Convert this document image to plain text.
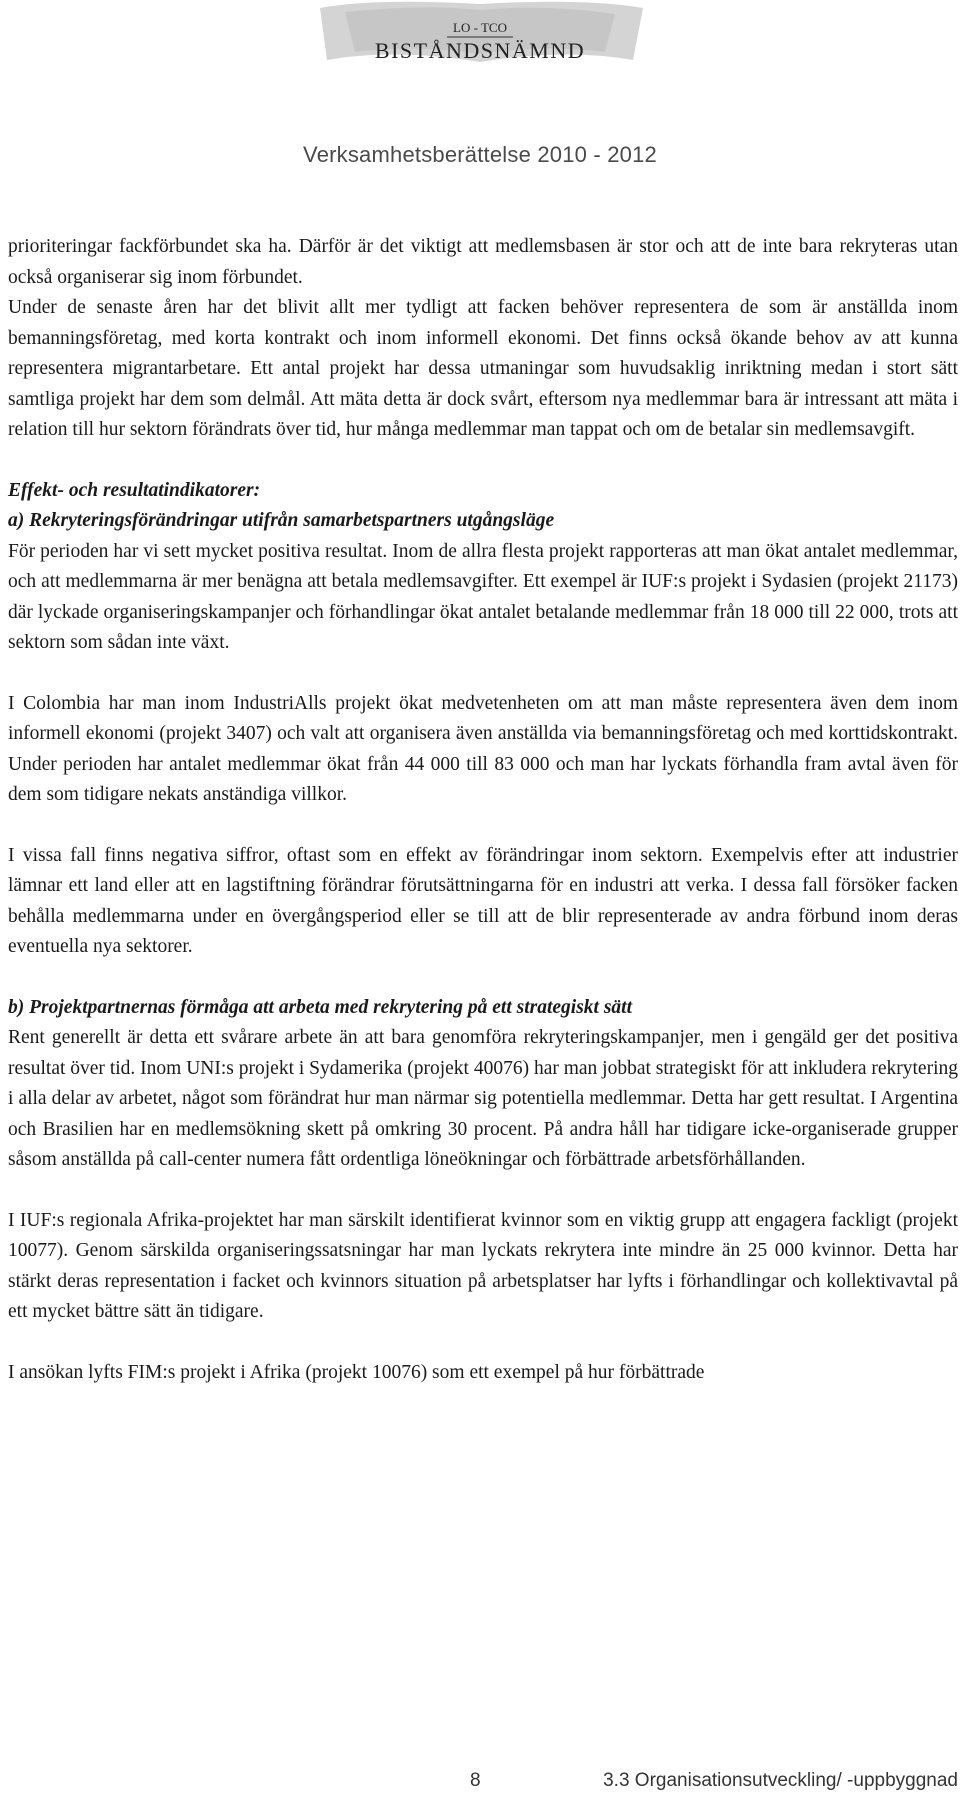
LO - TCO
BISTÅNDSNÄMND
Verksamhetsberättelse 2010 - 2012

prioriteringar fackförbundet ska ha. Därför är det viktigt att medlemsbasen är stor och att de inte bara rekryteras utan också organiserar sig inom förbundet.

Under de senaste åren har det blivit allt mer tydligt att facken behöver representera de som är anställda inom bemanningsföretag, med korta kontrakt och inom informell ekonomi. Det finns också ökande behov av att kunna representera migrantarbetare. Ett antal projekt har dessa utmaningar som huvudsaklig inriktning medan i stort sätt samtliga projekt har dem som delmål. Att mäta detta är dock svårt, eftersom nya medlemmar bara är intressant att mäta i relation till hur sektorn förändrats över tid, hur många medlemmar man tappat och om de betalar sin medlemsavgift.

Effekt- och resultatindikatorer:

a) Rekryteringsförändringar utifrån samarbetspartners utgångsläge

För perioden har vi sett mycket positiva resultat. Inom de allra flesta projekt rapporteras att man ökat antalet medlemmar, och att medlemmarna är mer benägna att betala medlemsavgifter. Ett exempel är IUF:s projekt i Sydasien (projekt 21173) där lyckade organiseringskampanjer och förhandlingar ökat antalet betalande medlemmar från 18 000 till 22 000, trots att sektorn som sådan inte växt.

I Colombia har man inom IndustriAlls projekt ökat medvetenheten om att man måste representera även dem inom informell ekonomi (projekt 3407) och valt att organisera även anställda via bemanningsföretag och med korttidskontrakt. Under perioden har antalet medlemmar ökat från 44 000 till 83 000 och man har lyckats förhandla fram avtal även för dem som tidigare nekats anständiga villkor.

I vissa fall finns negativa siffror, oftast som en effekt av förändringar inom sektorn. Exempelvis efter att industrier lämnar ett land eller att en lagstiftning förändrar förutsättningarna för en industri att verka. I dessa fall försöker facken behålla medlemmarna under en övergångsperiod eller se till att de blir representerade av andra förbund inom deras eventuella nya sektorer.

b) Projektpartnernas förmåga att arbeta med rekrytering på ett strategiskt sätt

Rent generellt är detta ett svårare arbete än att bara genomföra rekryteringskampanjer, men i gengäld ger det positiva resultat över tid. Inom UNI:s projekt i Sydamerika (projekt 40076) har man jobbat strategiskt för att inkludera rekrytering i alla delar av arbetet, något som förändrat hur man närmar sig potentiella medlemmar. Detta har gett resultat. I Argentina och Brasilien har en medlemsökning skett på omkring 30 procent. På andra håll har tidigare icke-organiserade grupper såsom anställda på call-center numera fått ordentliga löneökningar och förbättrade arbetsförhållanden.

I IUF:s regionala Afrika-projektet har man särskilt identifierat kvinnor som en viktig grupp att engagera fackligt (projekt 10077). Genom särskilda organiseringssatsningar har man lyckats rekrytera inte mindre än 25 000 kvinnor. Detta har stärkt deras representation i facket och kvinnors situation på arbetsplatser har lyfts i förhandlingar och kollektivavtal på ett mycket bättre sätt än tidigare.

I ansökan lyfts FIM:s projekt i Afrika (projekt 10076) som ett exempel på hur förbättrade

8	3.3 Organisationsutveckling/ -uppbyggnad
